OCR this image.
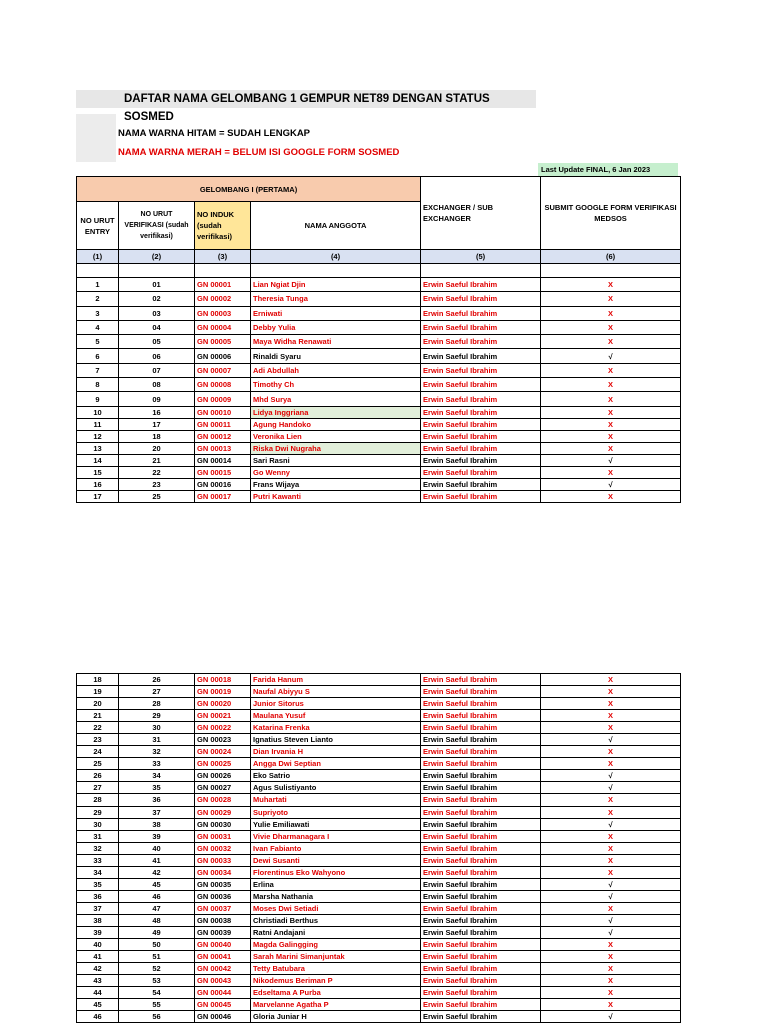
DAFTAR NAMA GELOMBANG 1 GEMPUR NET89 DENGAN STATUS SOSMED
NAMA WARNA HITAM = SUDAH LENGKAP
NAMA WARNA MERAH = BELUM ISI GOOGLE FORM SOSMED
Last Update FINAL, 6 Jan 2023
GELOMBANG I (PERTAMA)				EXCHANGER / SUB EXCHANGER	SUBMIT GOOGLE FORM VERIFIKASI MEDSOS
NO URUT ENTRY	NO URUT VERIFIKASI (sudah verifikasi)	NO INDUK (sudah verifikasi)	NAMA ANGGOTA		
(1)	(2)	(3)	(4)	(5)	(6)

1	01	GN 00001	Lian Ngiat Djin	Erwin Saeful Ibrahim	X
2	02	GN 00002	Theresia Tunga	Erwin Saeful Ibrahim	X
3	03	GN 00003	Erniwati	Erwin Saeful Ibrahim	X
4	04	GN 00004	Debby Yulia	Erwin Saeful Ibrahim	X
5	05	GN 00005	Maya Widha Renawati	Erwin Saeful Ibrahim	X
6	06	GN 00006	Rinaldi Syaru	Erwin Saeful Ibrahim	√
7	07	GN 00007	Adi Abdullah	Erwin Saeful Ibrahim	X
8	08	GN 00008	Timothy Ch	Erwin Saeful Ibrahim	X
9	09	GN 00009	Mhd Surya	Erwin Saeful Ibrahim	X
10	16	GN 00010	Lidya Inggriana	Erwin Saeful Ibrahim	X
11	17	GN 00011	Agung Handoko	Erwin Saeful Ibrahim	X
12	18	GN 00012	Veronika Lien	Erwin Saeful Ibrahim	X
13	20	GN 00013	Riska Dwi Nugraha	Erwin Saeful Ibrahim	X
14	21	GN 00014	Sari Rasni	Erwin Saeful Ibrahim	√
15	22	GN 00015	Go Wenny	Erwin Saeful Ibrahim	X
16	23	GN 00016	Frans Wijaya	Erwin Saeful Ibrahim	√
17	25	GN 00017	Putri Kawanti	Erwin Saeful Ibrahim	X
18	26	GN 00018	Farida Hanum	Erwin Saeful Ibrahim	X
19	27	GN 00019	Naufal Abiyyu S	Erwin Saeful Ibrahim	X
20	28	GN 00020	Junior Sitorus	Erwin Saeful Ibrahim	X
21	29	GN 00021	Maulana Yusuf	Erwin Saeful Ibrahim	X
22	30	GN 00022	Katarina Frenka	Erwin Saeful Ibrahim	X
23	31	GN 00023	Ignatius Steven Lianto	Erwin Saeful Ibrahim	√
24	32	GN 00024	Dian Irvania H	Erwin Saeful Ibrahim	X
25	33	GN 00025	Angga Dwi Septian	Erwin Saeful Ibrahim	X
26	34	GN 00026	Eko Satrio	Erwin Saeful Ibrahim	√
27	35	GN 00027	Agus Sulistiyanto	Erwin Saeful Ibrahim	√
28	36	GN 00028	Muhartati	Erwin Saeful Ibrahim	X
29	37	GN 00029	Supriyoto	Erwin Saeful Ibrahim	X
30	38	GN 00030	Yulie Emiliawati	Erwin Saeful Ibrahim	√
31	39	GN 00031	Vivie Dharmanagara I	Erwin Saeful Ibrahim	X
32	40	GN 00032	Ivan Fabianto	Erwin Saeful Ibrahim	X
33	41	GN 00033	Dewi Susanti	Erwin Saeful Ibrahim	X
34	42	GN 00034	Florentinus Eko Wahyono	Erwin Saeful Ibrahim	X
35	45	GN 00035	Erlina	Erwin Saeful Ibrahim	√
36	46	GN 00036	Marsha Nathania	Erwin Saeful Ibrahim	√
37	47	GN 00037	Moses Dwi Setiadi	Erwin Saeful Ibrahim	X
38	48	GN 00038	Christiadi Berthus	Erwin Saeful Ibrahim	√
39	49	GN 00039	Ratni Andajani	Erwin Saeful Ibrahim	√
40	50	GN 00040	Magda Galingging	Erwin Saeful Ibrahim	X
41	51	GN 00041	Sarah Marini Simanjuntak	Erwin Saeful Ibrahim	X
42	52	GN 00042	Tetty Batubara	Erwin Saeful Ibrahim	X
43	53	GN 00043	Nikodemus Beriman P	Erwin Saeful Ibrahim	X
44	54	GN 00044	Edseltama A Purba	Erwin Saeful Ibrahim	X
45	55	GN 00045	Marvelanne Agatha P	Erwin Saeful Ibrahim	X
46	56	GN 00046	Gloria Juniar H	Erwin Saeful Ibrahim	√
